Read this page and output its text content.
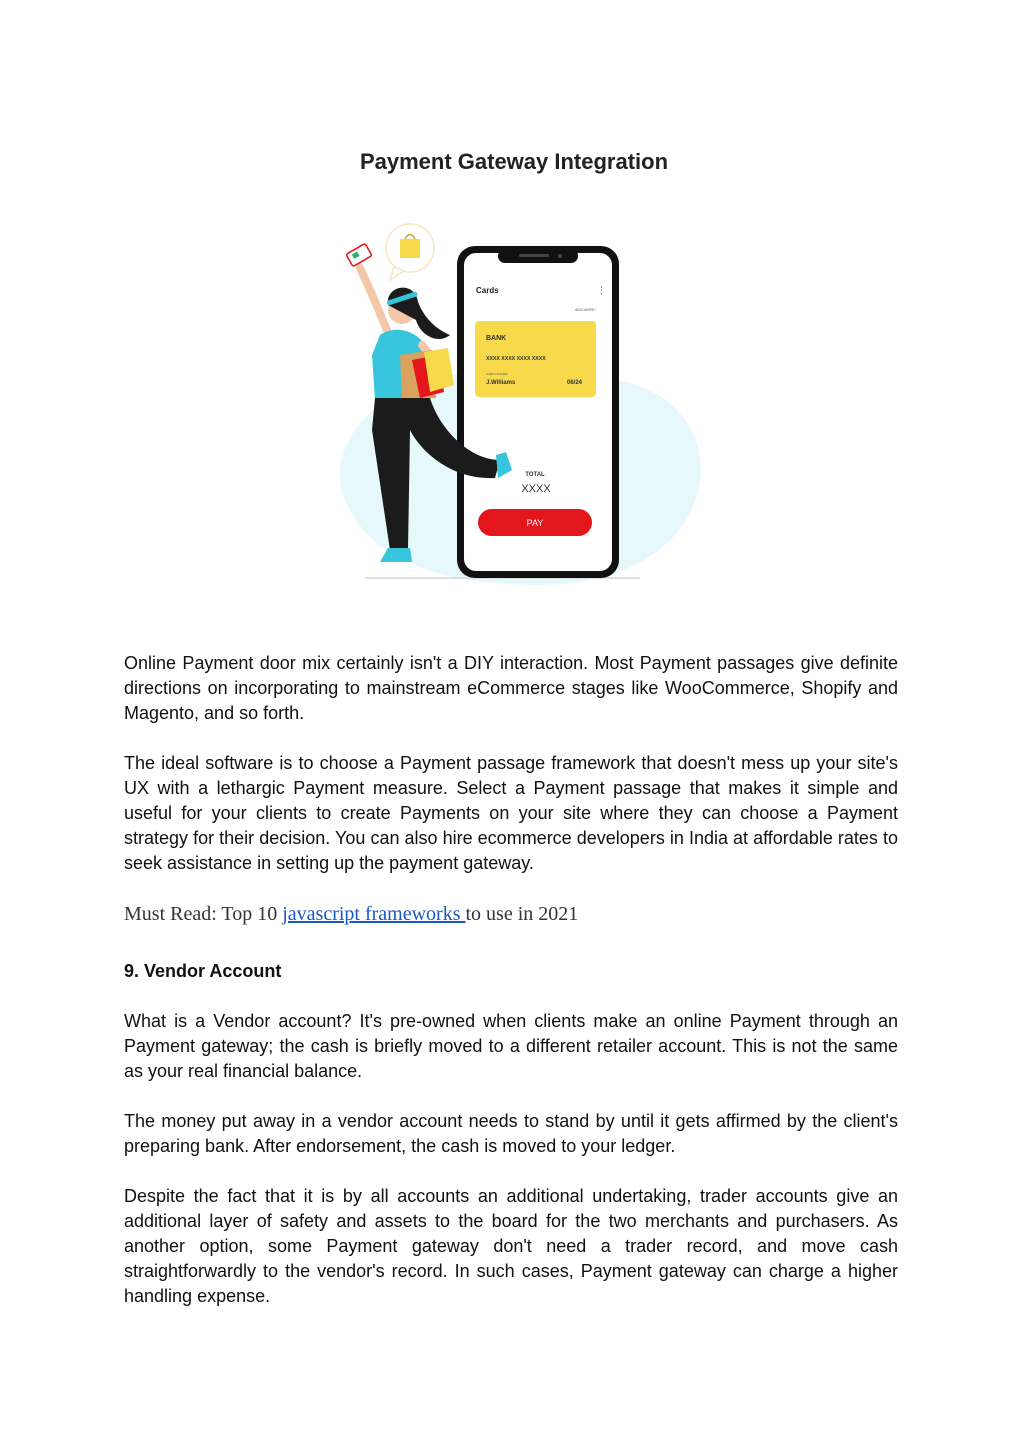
Payment Gateway Integration
Cards	⋮
ADD MORE+
BANK
XXXX XXXX XXXX XXXX
CARD HOLDER
J.Williams	06/24
TOTAL
XXXX
PAY

Online Payment door mix certainly isn't a DIY interaction. Most Payment passages give definite directions on incorporating to mainstream eCommerce stages like WooCommerce, Shopify and Magento, and so forth.

The ideal software is to choose a Payment passage framework that doesn't mess up your site's UX with a lethargic Payment measure. Select a Payment passage that makes it simple and useful for your clients to create Payments on your site where they can choose a Payment strategy for their decision. You can also hire ecommerce developers in India at affordable rates to seek assistance in setting up the payment gateway.

Must Read: Top 10 javascript frameworks to use in 2021

9. Vendor Account

What is a Vendor account? It's pre-owned when clients make an online Payment through an Payment gateway; the cash is briefly moved to a different retailer account. This is not the same as your real financial balance.

The money put away in a vendor account needs to stand by until it gets affirmed by the client's preparing bank. After endorsement, the cash is moved to your ledger.

Despite the fact that it is by all accounts an additional undertaking, trader accounts give an additional layer of safety and assets to the board for the two merchants and purchasers. As another option, some Payment gateway don't need a trader record, and move cash straightforwardly to the vendor's record. In such cases, Payment gateway can charge a higher handling expense.
